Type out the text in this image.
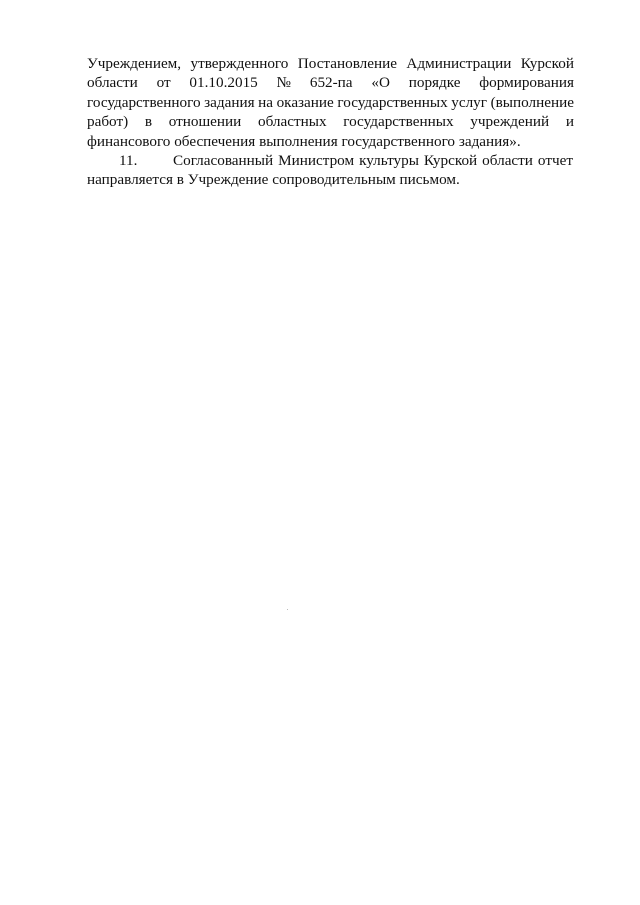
Учреждением, утвержденного Постановление Администрации Курской
области от 01.10.2015 № 652-па «О порядке формирования
государственного задания на оказание государственных услуг (выполнение
работ) в отношении областных государственных учреждений и
финансового обеспечения выполнения государственного задания».
11.	Согласованный Министром культуры Курской области отчет
направляется в Учреждение сопроводительным письмом.
